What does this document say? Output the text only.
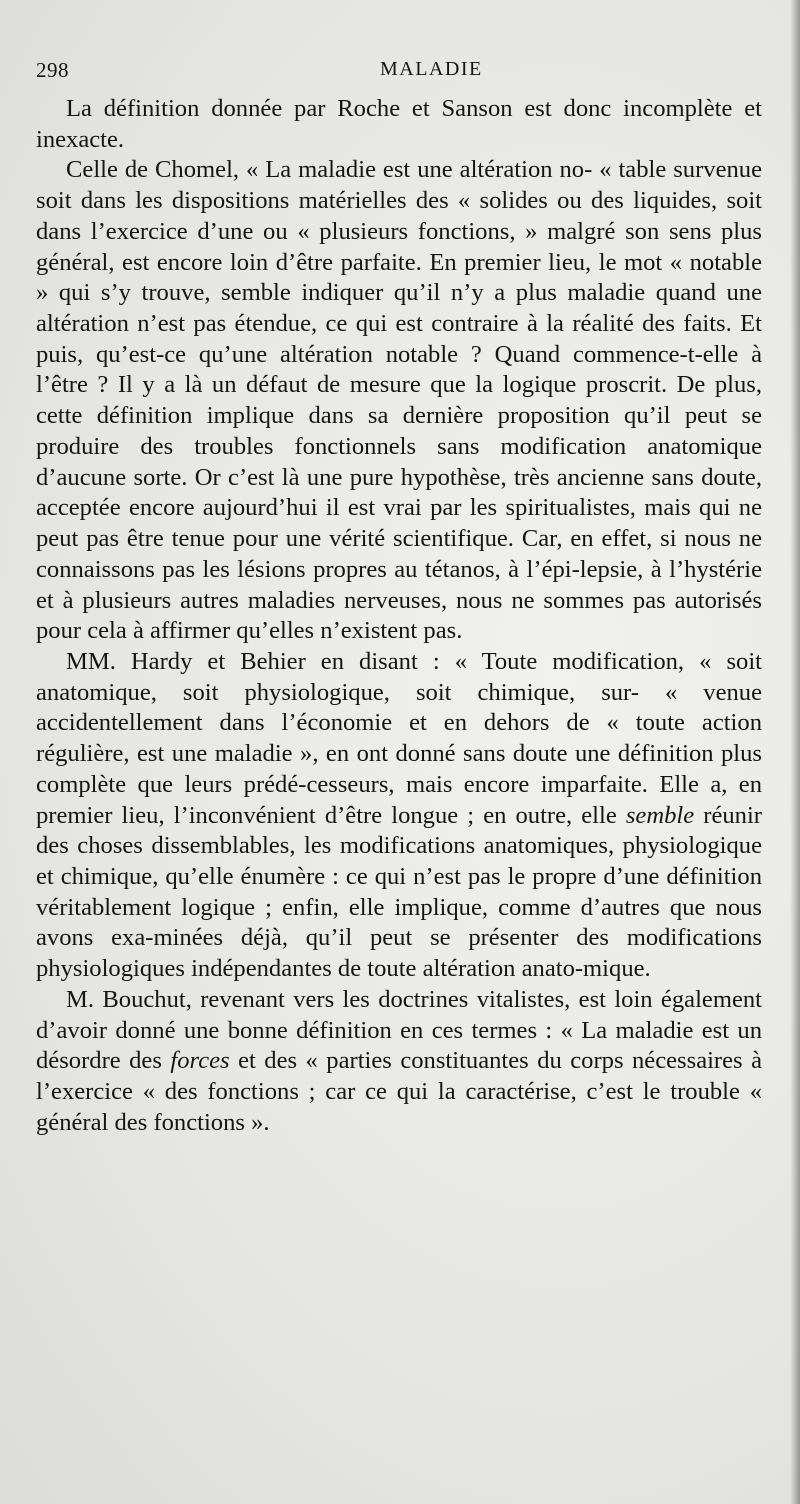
298	MALADIE

La définition donnée par Roche et Sanson est donc incomplète et inexacte.

Celle de Chomel, « La maladie est une altération no- « table survenue soit dans les dispositions matérielles des « solides ou des liquides, soit dans l’exercice d’une ou « plusieurs fonctions, » malgré son sens plus général, est encore loin d’être parfaite. En premier lieu, le mot « notable » qui s’y trouve, semble indiquer qu’il n’y a plus maladie quand une altération n’est pas étendue, ce qui est contraire à la réalité des faits. Et puis, qu’est-ce qu’une altération notable ? Quand commence-t-elle à l’être ? Il y a là un défaut de mesure que la logique proscrit. De plus, cette définition implique dans sa dernière proposition qu’il peut se produire des troubles fonctionnels sans modification anatomique d’aucune sorte. Or c’est là une pure hypothèse, très ancienne sans doute, acceptée encore aujourd’hui il est vrai par les spiritualistes, mais qui ne peut pas être tenue pour une vérité scientifique. Car, en effet, si nous ne connaissons pas les lésions propres au tétanos, à l’épi-lepsie, à l’hystérie et à plusieurs autres maladies nerveuses, nous ne sommes pas autorisés pour cela à affirmer qu’elles n’existent pas.

MM. Hardy et Behier en disant : « Toute modification, « soit anatomique, soit physiologique, soit chimique, sur- « venue accidentellement dans l’économie et en dehors de « toute action régulière, est une maladie », en ont donné sans doute une définition plus complète que leurs prédé-cesseurs, mais encore imparfaite. Elle a, en premier lieu, l’inconvénient d’être longue ; en outre, elle semble réunir des choses dissemblables, les modifications anatomiques, physiologique et chimique, qu’elle énumère : ce qui n’est pas le propre d’une définition véritablement logique ; enfin, elle implique, comme d’autres que nous avons exa-minées déjà, qu’il peut se présenter des modifications physiologiques indépendantes de toute altération anato-mique.

M. Bouchut, revenant vers les doctrines vitalistes, est loin également d’avoir donné une bonne définition en ces termes : « La maladie est un désordre des forces et des « parties constituantes du corps nécessaires à l’exercice « des fonctions ; car ce qui la caractérise, c’est le trouble « général des fonctions ».
